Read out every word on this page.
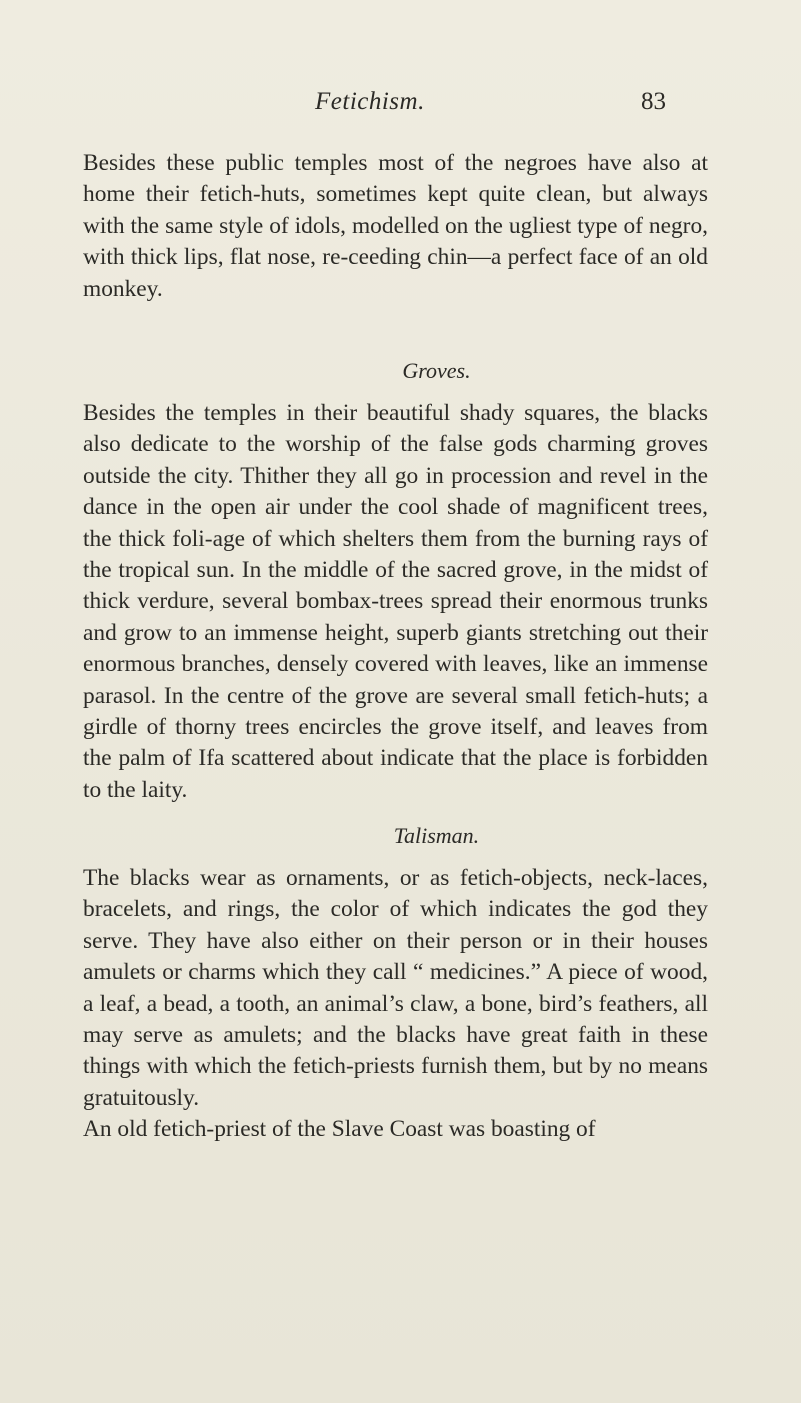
Fetichism.	83

Besides these public temples most of the negroes have also at home their fetich-huts, sometimes kept quite clean, but always with the same style of idols, modelled on the ugliest type of negro, with thick lips, flat nose, re-ceeding chin—a perfect face of an old monkey.

Groves.

Besides the temples in their beautiful shady squares, the blacks also dedicate to the worship of the false gods charming groves outside the city. Thither they all go in procession and revel in the dance in the open air under the cool shade of magnificent trees, the thick foli-age of which shelters them from the burning rays of the tropical sun. In the middle of the sacred grove, in the midst of thick verdure, several bombax-trees spread their enormous trunks and grow to an immense height, superb giants stretching out their enormous branches, densely covered with leaves, like an immense parasol. In the centre of the grove are several small fetich-huts; a girdle of thorny trees encircles the grove itself, and leaves from the palm of Ifa scattered about indicate that the place is forbidden to the laity.

Talisman.

The blacks wear as ornaments, or as fetich-objects, neck-laces, bracelets, and rings, the color of which indicates the god they serve. They have also either on their person or in their houses amulets or charms which they call “ medicines.” A piece of wood, a leaf, a bead, a tooth, an animal’s claw, a bone, bird’s feathers, all may serve as amulets; and the blacks have great faith in these things with which the fetich-priests furnish them, but by no means gratuitously.

An old fetich-priest of the Slave Coast was boasting of
